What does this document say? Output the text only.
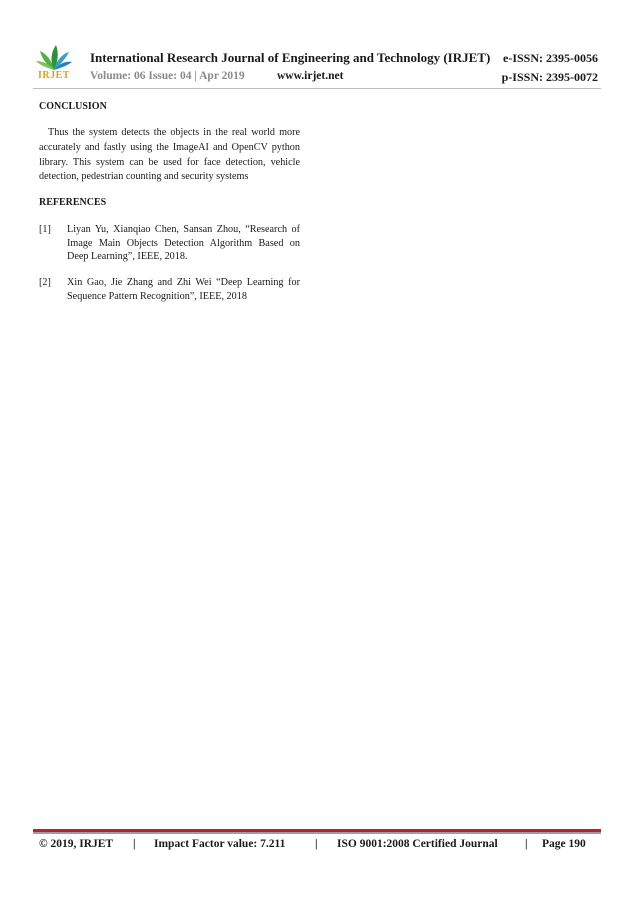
IRJET
International Research Journal of Engineering and Technology (IRJET)	e-ISSN: 2395-0056
Volume: 06 Issue: 04 | Apr 2019	www.irjet.net	p-ISSN: 2395-0072
CONCLUSION

Thus the system detects the objects in the real world more accurately and fastly using the ImageAI and OpenCV python library. This system can be used for face detection, vehicle detection, pedestrian counting and security systems

REFERENCES
[1] Liyan Yu, Xianqiao Chen, Sansan Zhou, “Research of Image Main Objects Detection Algorithm Based on Deep Learning”, IEEE, 2018.
[2] Xin Gao, Jie Zhang and Zhi Wei “Deep Learning for Sequence Pattern Recognition”, IEEE, 2018
© 2019, IRJET | Impact Factor value: 7.211	| ISO 9001:2008 Certified Journal | Page 190
